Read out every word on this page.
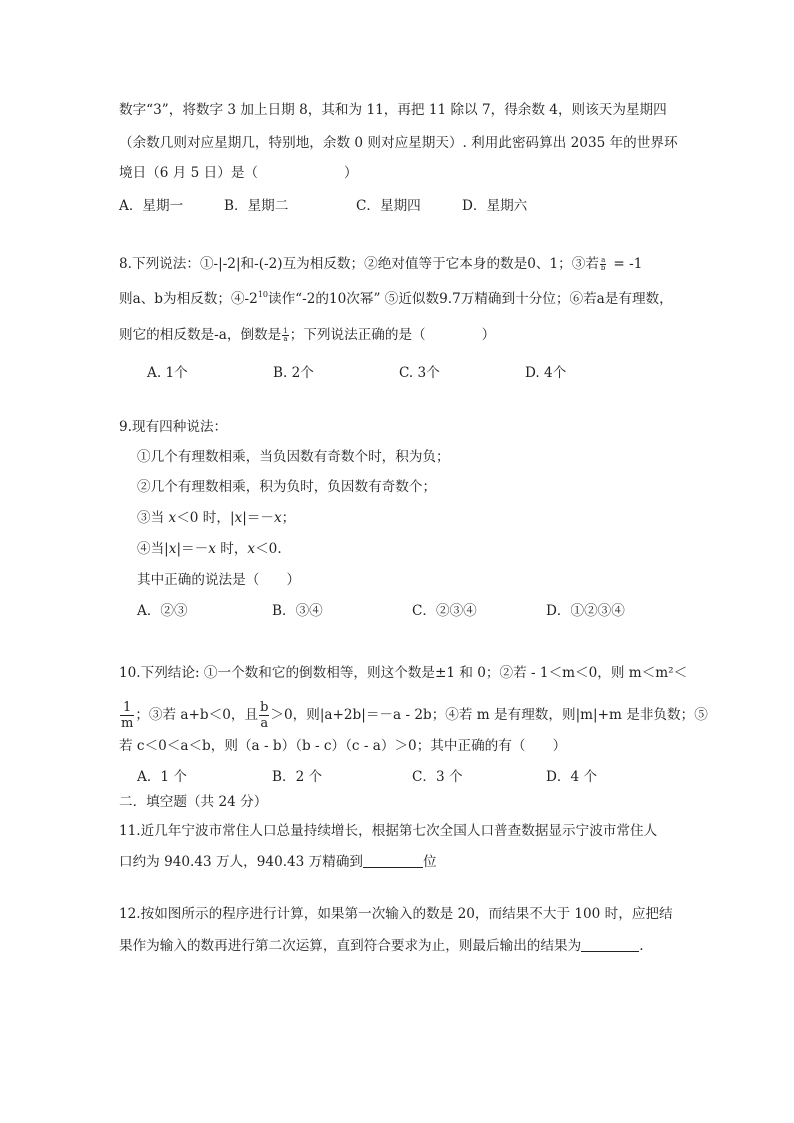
数字“3”，将数字 3 加上日期 8，其和为 11，再把 11 除以 7，得余数 4，则该天为星期四
（余数几则对应星期几，特别地，余数 0 则对应星期天）. 利用此密码算出 2035 年的世界环
境日（6 月 5 日）是（	）
A．星期一	B．星期二	C．星期四	D．星期六
8.下列说法：①-|-2|和-(-2)互为相反数；②绝对值等于它本身的数是0、1；③若 $\frac{a}{b} = -1$
则a、b为相反数；$④-2^{10}$读作“-2的10次幂” ⑤近似数9.7万精确到十分位；⑥若a是有理数，
则它的相反数是-a，倒数是 $\frac{1}{a}$ ；下列说法正确的是（	）
A. 1个	B. 2个	C. 3个	D. 4个
9.现有四种说法：
①几个有理数相乘，当负因数有奇数个时，积为负；
②几个有理数相乘，积为负时，负因数有奇数个；
③当 x＜0 时，|x|＝－x；
④当|x|＝－x 时，x＜0.
其中正确的说法是（　　）
A．②③	B．③④	C．②③④	D．①②③④
10.下列结论: ①一个数和它的倒数相等，则这个数是±1 和 0；②若 - 1＜m＜0，则 m＜m²＜
$\frac{1}{m}$ ；③若 a+b＜0，且 $\frac{b}{a} >0$，则|a+2b|＝－a - 2b；④若 m 是有理数，则|m|+m 是非负数；⑤
若 c＜0＜a＜b，则（a - b）（b - c）（c - a）＞0；其中正确的有（　　）
A．1 个	B．2 个	C．3 个	D．4 个
二．填空题（共 24 分）
11.近几年宁波市常住人口总量持续增长，根据第七次全国人口普查数据显示宁波市常住人
口约为 940.43 万人，940.43 万精确到	位
12.按如图所示的程序进行计算，如果第一次输入的数是 20，而结果不大于 100 时，应把结
果作为输入的数再进行第二次运算，直到符合要求为止，则最后输出的结果为	.
